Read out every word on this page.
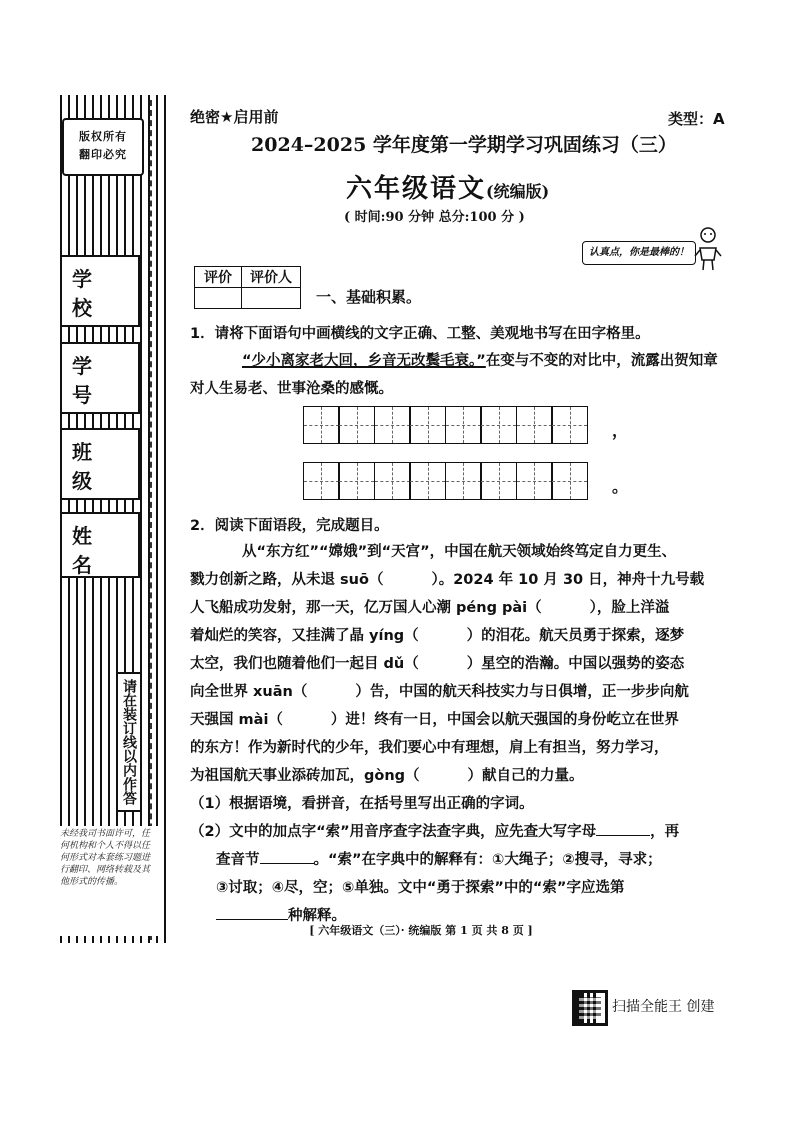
版权所有
翻印必究
学 校
学 号
班 级
姓 名
请在装订线以内作答
未经我司书面许可，任何机构和个人不得以任何形式对本套练习题进行翻印、网络转载及其他形式的传播。
绝密★启用前	类型：A
2024–2025 学年度第一学期学习巩固练习（三）
六年级语文(统编版)
( 时间:90 分钟 总分:100 分 )
认真点，你是最棒的！
评价	评价人

一、基础积累。
1．请将下面语句中画横线的文字正确、工整、美观地书写在田字格里。
“少小离家老大回，乡音无改鬓毛衰。”在变与不变的对比中，流露出贺知章对人生易老、世事沧桑的感慨。
，
。
2．阅读下面语段，完成题目。
从“东方红”“嫦娥”到“天宫”，中国在航天领域始终笃定自力更生、
戮力创新之路，从未退 suō（	）。2024 年 10 月 30 日，神舟十九号载
人飞船成功发射，那一天，亿万国人心潮 péng pài（	），脸上洋溢
着灿烂的笑容，又挂满了晶 yíng（	）的泪花。航天员勇于探索，逐梦
太空，我们也随着他们一起目 dǔ（	）星空的浩瀚。中国以强势的姿态
向全世界 xuān（	）告，中国的航天科技实力与日俱增，正一步步向航
天强国 mài（	）进！终有一日，中国会以航天强国的身份屹立在世界
的东方！作为新时代的少年，我们要心中有理想，肩上有担当，努力学习，
为祖国航天事业添砖加瓦，gòng（	）献自己的力量。
（1）根据语境，看拼音，在括号里写出正确的字词。
（2）文中的加点字“索”用音序查字法查字典，应先查大写字母	，再
查音节	。“索”在字典中的解释有：①大绳子；②搜寻，寻求；
③讨取；④尽，空；⑤单独。文中“勇于探索”中的“索”字应选第
种解释。
[ 六年级语文（三）· 统编版 第 1 页 共 8 页 ]
扫描全能王 创建
